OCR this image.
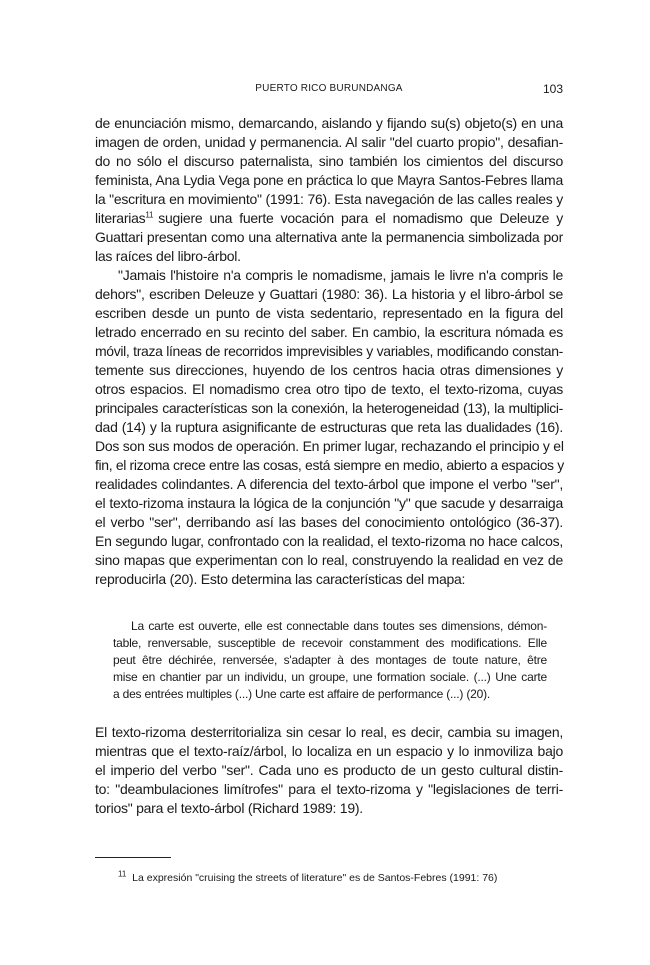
PUERTO RICO BURUNDANGA	103
de enunciación mismo, demarcando, aislando y fijando su(s) objeto(s) en una
imagen de orden, unidad y permanencia. Al salir "del cuarto propio", desafian-
do no sólo el discurso paternalista, sino también los cimientos del discurso
feminista, Ana Lydia Vega pone en práctica lo que Mayra Santos-Febres llama
la "escritura en movimiento" (1991: 76). Esta navegación de las calles reales y
literarias$^{11}$ sugiere una fuerte vocación para el nomadismo que Deleuze y
Guattari presentan como una alternativa ante la permanencia simbolizada por
las raíces del libro-árbol.
"Jamais l'histoire n'a compris le nomadisme, jamais le livre n'a compris le
dehors", escriben Deleuze y Guattari (1980: 36). La historia y el libro-árbol se
escriben desde un punto de vista sedentario, representado en la figura del
letrado encerrado en su recinto del saber. En cambio, la escritura nómada es
móvil, traza líneas de recorridos imprevisibles y variables, modificando constan-
temente sus direcciones, huyendo de los centros hacia otras dimensiones y
otros espacios. El nomadismo crea otro tipo de texto, el texto-rizoma, cuyas
principales características son la conexión, la heterogeneidad (13), la multiplici-
dad (14) y la ruptura asignificante de estructuras que reta las dualidades (16).
Dos son sus modos de operación. En primer lugar, rechazando el principio y el
fin, el rizoma crece entre las cosas, está siempre en medio, abierto a espacios y
realidades colindantes. A diferencia del texto-árbol que impone el verbo "ser",
el texto-rizoma instaura la lógica de la conjunción "y" que sacude y desarraiga
el verbo "ser", derribando así las bases del conocimiento ontológico (36-37).
En segundo lugar, confrontado con la realidad, el texto-rizoma no hace calcos,
sino mapas que experimentan con lo real, construyendo la realidad en vez de
reproducirla (20). Esto determina las características del mapa:
La carte est ouverte, elle est connectable dans toutes ses dimensions, démon-
table, renversable, susceptible de recevoir constamment des modifications. Elle
peut être déchirée, renversée, s'adapter à des montages de toute nature, être
mise en chantier par un individu, un groupe, une formation sociale. (...) Une carte
a des entrées multiples (...) Une carte est affaire de performance (...) (20).
El texto-rizoma desterritorializa sin cesar lo real, es decir, cambia su imagen,
mientras que el texto-raíz/árbol, lo localiza en un espacio y lo inmoviliza bajo
el imperio del verbo "ser". Cada uno es producto de un gesto cultural distin-
to: "deambulaciones limítrofes" para el texto-rizoma y "legislaciones de terri-
torios" para el texto-árbol (Richard 1989: 19).
$^{11}$ La expresión "cruising the streets of literature" es de Santos-Febres (1991: 76)
